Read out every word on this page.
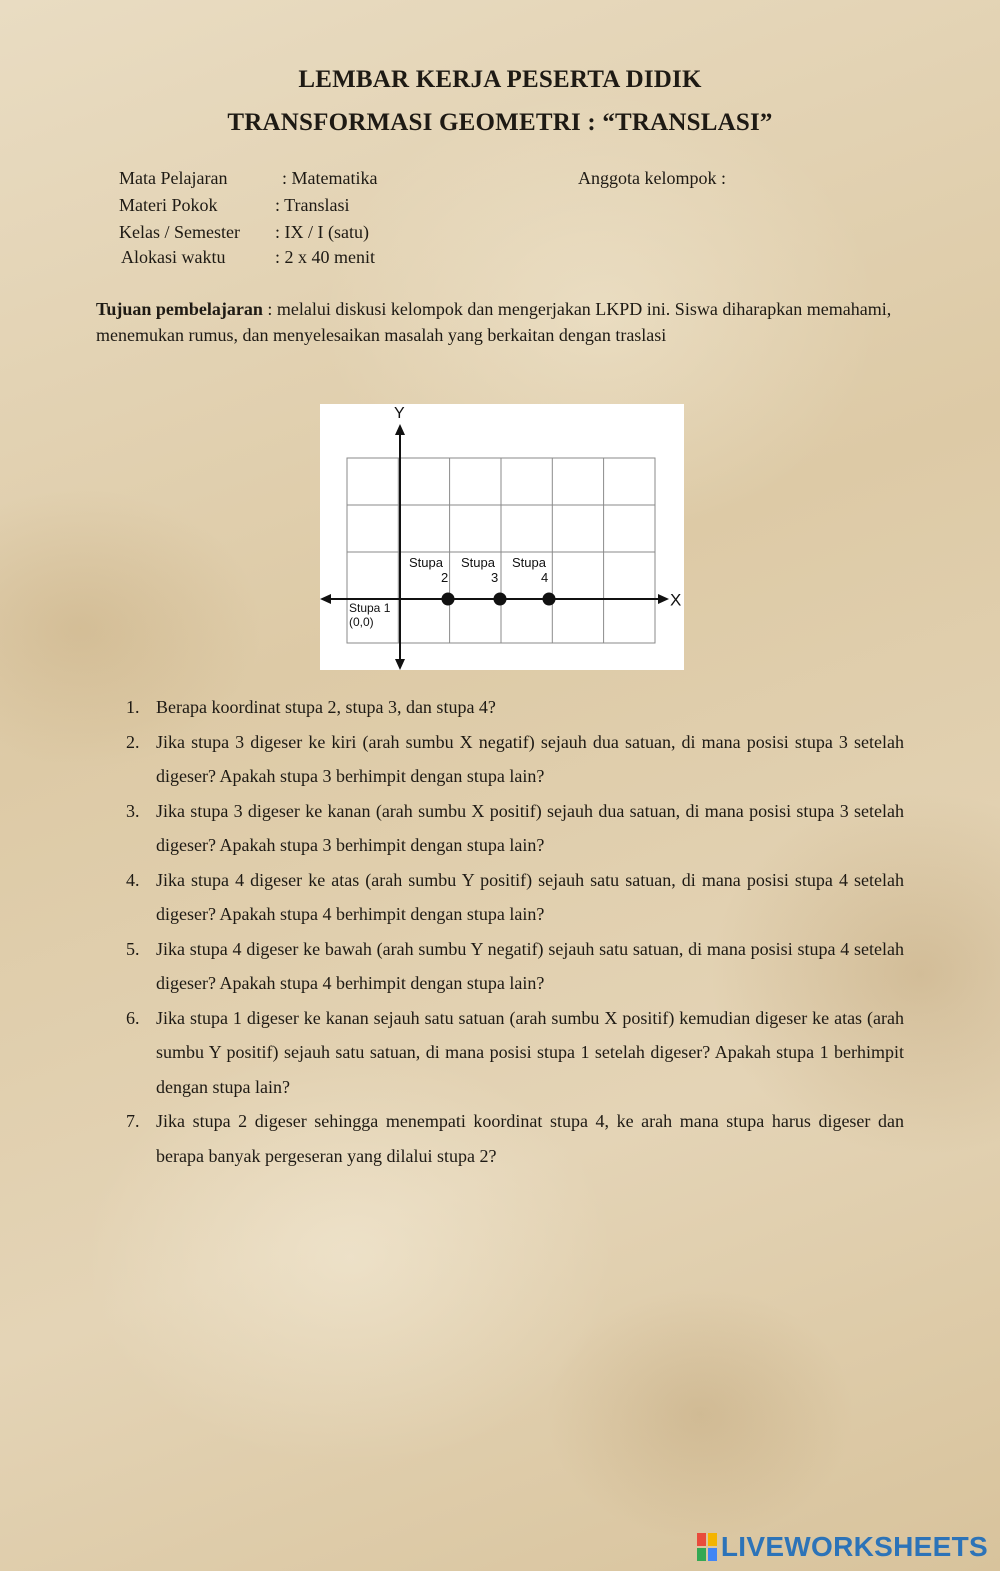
LEMBAR KERJA PESERTA DIDIK
TRANSFORMASI GEOMETRI : “TRANSLASI”
Mata Pelajaran	: Matematika	Anggota kelompok :
Materi Pokok	: Translasi
Kelas / Semester : IX / I (satu)
Alokasi waktu	: 2 x 40 menit
Tujuan pembelajaran : melalui diskusi kelompok dan mengerjakan LKPD ini. Siswa diharapkan memahami, menemukan rumus, dan menyelesaikan masalah yang berkaitan dengan traslasi
X
Y
Stupa
2
Stupa
3
Stupa
4
Stupa 1
(0,0)
1. Berapa koordinat stupa 2, stupa 3, dan stupa 4?
2. Jika stupa 3 digeser ke kiri (arah sumbu X negatif) sejauh dua satuan, di mana posisi stupa 3 setelah digeser? Apakah stupa 3 berhimpit dengan stupa lain?
3. Jika stupa 3 digeser ke kanan (arah sumbu X positif) sejauh dua satuan, di mana posisi stupa 3 setelah digeser? Apakah stupa 3 berhimpit dengan stupa lain?
4. Jika stupa 4 digeser ke atas (arah sumbu Y positif) sejauh satu satuan, di mana posisi stupa 4 setelah digeser? Apakah stupa 4 berhimpit dengan stupa lain?
5. Jika stupa 4 digeser ke bawah (arah sumbu Y negatif) sejauh satu satuan, di mana posisi stupa 4 setelah digeser? Apakah stupa 4 berhimpit dengan stupa lain?
6. Jika stupa 1 digeser ke kanan sejauh satu satuan (arah sumbu X positif) kemudian digeser ke atas (arah sumbu Y positif) sejauh satu satuan, di mana posisi stupa 1 setelah digeser? Apakah stupa 1 berhimpit dengan stupa lain?
7. Jika stupa 2 digeser sehingga menempati koordinat stupa 4, ke arah mana stupa harus digeser dan berapa banyak pergeseran yang dilalui stupa 2?
LIVEWORKSHEETS
